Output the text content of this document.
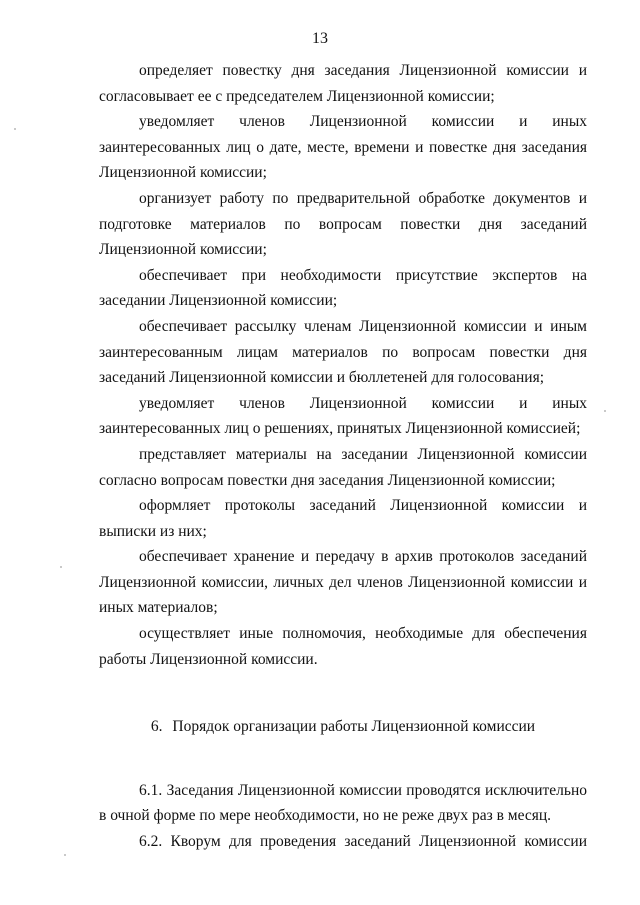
13

определяет повестку дня заседания Лицензионной комиссии и согласовывает ее с председателем Лицензионной комиссии;

уведомляет членов Лицензионной комиссии и иных заинтересованных лиц о дате, месте, времени и повестке дня заседания Лицензионной комиссии;

организует работу по предварительной обработке документов и подготовке материалов по вопросам повестки дня заседаний Лицензионной комиссии;

обеспечивает при необходимости присутствие экспертов на заседании Лицензионной комиссии;

обеспечивает рассылку членам Лицензионной комиссии и иным заинтересованным лицам материалов по вопросам повестки дня заседаний Лицензионной комиссии и бюллетеней для голосования;

уведомляет членов Лицензионной комиссии и иных заинтересованных лиц о решениях, принятых Лицензионной комиссией;

представляет материалы на заседании Лицензионной комиссии согласно вопросам повестки дня заседания Лицензионной комиссии;

оформляет протоколы заседаний Лицензионной комиссии и выписки из них;

обеспечивает хранение и передачу в архив протоколов заседаний Лицензионной комиссии, личных дел членов Лицензионной комиссии и иных материалов;

осуществляет иные полномочия, необходимые для обеспечения работы Лицензионной комиссии.

6. Порядок организации работы Лицензионной комиссии

6.1. Заседания Лицензионной комиссии проводятся исключительно в очной форме по мере необходимости, но не реже двух раз в месяц.

6.2. Кворум для проведения заседаний Лицензионной комиссии
